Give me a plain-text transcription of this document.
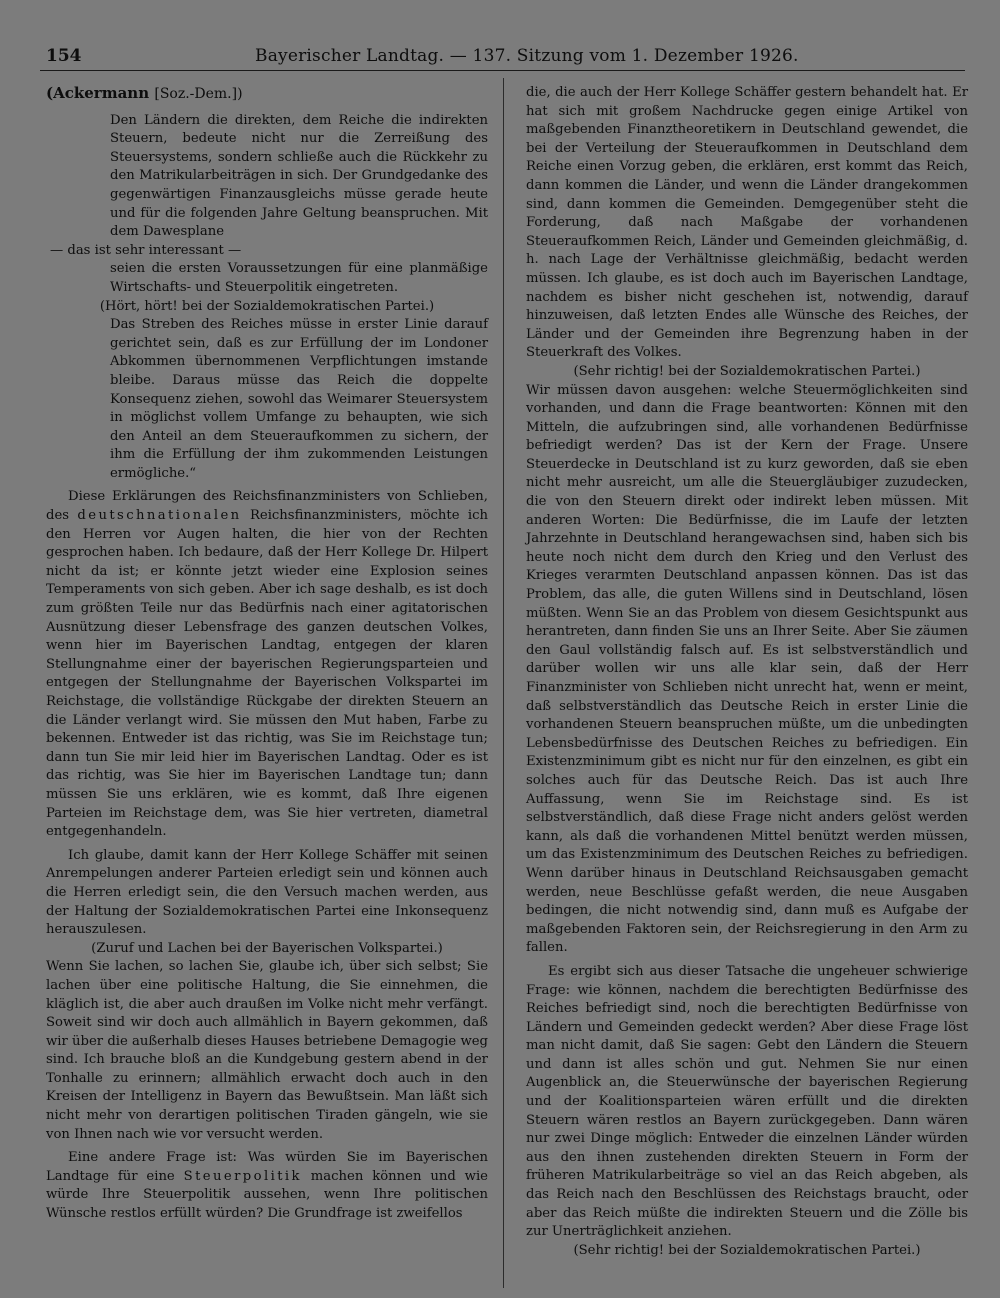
154	Bayerischer Landtag. — 137. Sitzung vom 1. Dezember 1926.

(Ackermann [Soz.-Dem.])

Den Ländern die direkten, dem Reiche die indirekten Steuern, bedeute nicht nur die Zerreißung des Steuersystems, sondern schließe auch die Rückkehr zu den Matrikularbeiträgen in sich. Der Grundgedanke des gegenwärtigen Finanzausgleichs müsse gerade heute und für die folgenden Jahre Geltung beanspruchen. Mit dem Dawesplane

— das ist sehr interessant —

seien die ersten Voraussetzungen für eine planmäßige Wirtschafts- und Steuerpolitik eingetreten.

(Hört, hört! bei der Sozialdemokratischen Partei.)

Das Streben des Reiches müsse in erster Linie darauf gerichtet sein, daß es zur Erfüllung der im Londoner Abkommen übernommenen Verpflichtungen imstande bleibe. Daraus müsse das Reich die doppelte Konsequenz ziehen, sowohl das Weimarer Steuersystem in möglichst vollem Umfange zu behaupten, wie sich den Anteil an dem Steueraufkommen zu sichern, der ihm die Erfüllung der ihm zukommenden Leistungen ermögliche.“

Diese Erklärungen des Reichsfinanzministers von Schlieben, des deutschnationalen Reichsfinanzministers, möchte ich den Herren vor Augen halten, die hier von der Rechten gesprochen haben. Ich bedaure, daß der Herr Kollege Dr. Hilpert nicht da ist; er könnte jetzt wieder eine Explosion seines Temperaments von sich geben. Aber ich sage deshalb, es ist doch zum größten Teile nur das Bedürfnis nach einer agitatorischen Ausnützung dieser Lebensfrage des ganzen deutschen Volkes, wenn hier im Bayerischen Landtag, entgegen der klaren Stellungnahme einer der bayerischen Regierungsparteien und entgegen der Stellungnahme der Bayerischen Volkspartei im Reichstage, die vollständige Rückgabe der direkten Steuern an die Länder verlangt wird. Sie müssen den Mut haben, Farbe zu bekennen. Entweder ist das richtig, was Sie im Reichstage tun; dann tun Sie mir leid hier im Bayerischen Landtag. Oder es ist das richtig, was Sie hier im Bayerischen Landtage tun; dann müssen Sie uns erklären, wie es kommt, daß Ihre eigenen Parteien im Reichstage dem, was Sie hier vertreten, diametral entgegenhandeln.

Ich glaube, damit kann der Herr Kollege Schäffer mit seinen Anrempelungen anderer Parteien erledigt sein und können auch die Herren erledigt sein, die den Versuch machen werden, aus der Haltung der Sozialdemokratischen Partei eine Inkonsequenz herauszulesen.

(Zuruf und Lachen bei der Bayerischen Volkspartei.)

Wenn Sie lachen, so lachen Sie, glaube ich, über sich selbst; Sie lachen über eine politische Haltung, die Sie einnehmen, die kläglich ist, die aber auch draußen im Volke nicht mehr verfängt. Soweit sind wir doch auch allmählich in Bayern gekommen, daß wir über die außerhalb dieses Hauses betriebene Demagogie weg sind. Ich brauche bloß an die Kundgebung gestern abend in der Tonhalle zu erinnern; allmählich erwacht doch auch in den Kreisen der Intelligenz in Bayern das Bewußtsein. Man läßt sich nicht mehr von derartigen politischen Tiraden gängeln, wie sie von Ihnen nach wie vor versucht werden.

Eine andere Frage ist: Was würden Sie im Bayerischen Landtage für eine Steuerpolitik machen können und wie würde Ihre Steuerpolitik aussehen, wenn Ihre politischen Wünsche restlos erfüllt würden? Die Grundfrage ist zweifellos

die, die auch der Herr Kollege Schäffer gestern behandelt hat. Er hat sich mit großem Nachdrucke gegen einige Artikel von maßgebenden Finanztheoretikern in Deutschland gewendet, die bei der Verteilung der Steueraufkommen in Deutschland dem Reiche einen Vorzug geben, die erklären, erst kommt das Reich, dann kommen die Länder, und wenn die Länder drangekommen sind, dann kommen die Gemeinden. Demgegenüber steht die Forderung, daß nach Maßgabe der vorhandenen Steueraufkommen Reich, Länder und Gemeinden gleichmäßig, d. h. nach Lage der Verhältnisse gleichmäßig, bedacht werden müssen. Ich glaube, es ist doch auch im Bayerischen Landtage, nachdem es bisher nicht geschehen ist, notwendig, darauf hinzuweisen, daß letzten Endes alle Wünsche des Reiches, der Länder und der Gemeinden ihre Begrenzung haben in der Steuerkraft des Volkes.

(Sehr richtig! bei der Sozialdemokratischen Partei.)

Wir müssen davon ausgehen: welche Steuermöglichkeiten sind vorhanden, und dann die Frage beantworten: Können mit den Mitteln, die aufzubringen sind, alle vorhandenen Bedürfnisse befriedigt werden? Das ist der Kern der Frage. Unsere Steuerdecke in Deutschland ist zu kurz geworden, daß sie eben nicht mehr ausreicht, um alle die Steuergläubiger zuzudecken, die von den Steuern direkt oder indirekt leben müssen. Mit anderen Worten: Die Bedürfnisse, die im Laufe der letzten Jahrzehnte in Deutschland herangewachsen sind, haben sich bis heute noch nicht dem durch den Krieg und den Verlust des Krieges verarmten Deutschland anpassen können. Das ist das Problem, das alle, die guten Willens sind in Deutschland, lösen müßten. Wenn Sie an das Problem von diesem Gesichtspunkt aus herantreten, dann finden Sie uns an Ihrer Seite. Aber Sie zäumen den Gaul vollständig falsch auf. Es ist selbstverständlich und darüber wollen wir uns alle klar sein, daß der Herr Finanzminister von Schlieben nicht unrecht hat, wenn er meint, daß selbstverständlich das Deutsche Reich in erster Linie die vorhandenen Steuern beanspruchen müßte, um die unbedingten Lebensbedürfnisse des Deutschen Reiches zu befriedigen. Ein Existenzminimum gibt es nicht nur für den einzelnen, es gibt ein solches auch für das Deutsche Reich. Das ist auch Ihre Auffassung, wenn Sie im Reichstage sind. Es ist selbstverständlich, daß diese Frage nicht anders gelöst werden kann, als daß die vorhandenen Mittel benützt werden müssen, um das Existenzminimum des Deutschen Reiches zu befriedigen. Wenn darüber hinaus in Deutschland Reichsausgaben gemacht werden, neue Beschlüsse gefaßt werden, die neue Ausgaben bedingen, die nicht notwendig sind, dann muß es Aufgabe der maßgebenden Faktoren sein, der Reichsregierung in den Arm zu fallen.

Es ergibt sich aus dieser Tatsache die ungeheuer schwierige Frage: wie können, nachdem die berechtigten Bedürfnisse des Reiches befriedigt sind, noch die berechtigten Bedürfnisse von Ländern und Gemeinden gedeckt werden? Aber diese Frage löst man nicht damit, daß Sie sagen: Gebt den Ländern die Steuern und dann ist alles schön und gut. Nehmen Sie nur einen Augenblick an, die Steuerwünsche der bayerischen Regierung und der Koalitionsparteien wären erfüllt und die direkten Steuern wären restlos an Bayern zurückgegeben. Dann wären nur zwei Dinge möglich: Entweder die einzelnen Länder würden aus den ihnen zustehenden direkten Steuern in Form der früheren Matrikularbeiträge so viel an das Reich abgeben, als das Reich nach den Beschlüssen des Reichstags braucht, oder aber das Reich müßte die indirekten Steuern und die Zölle bis zur Unerträglichkeit anziehen.

(Sehr richtig! bei der Sozialdemokratischen Partei.)
